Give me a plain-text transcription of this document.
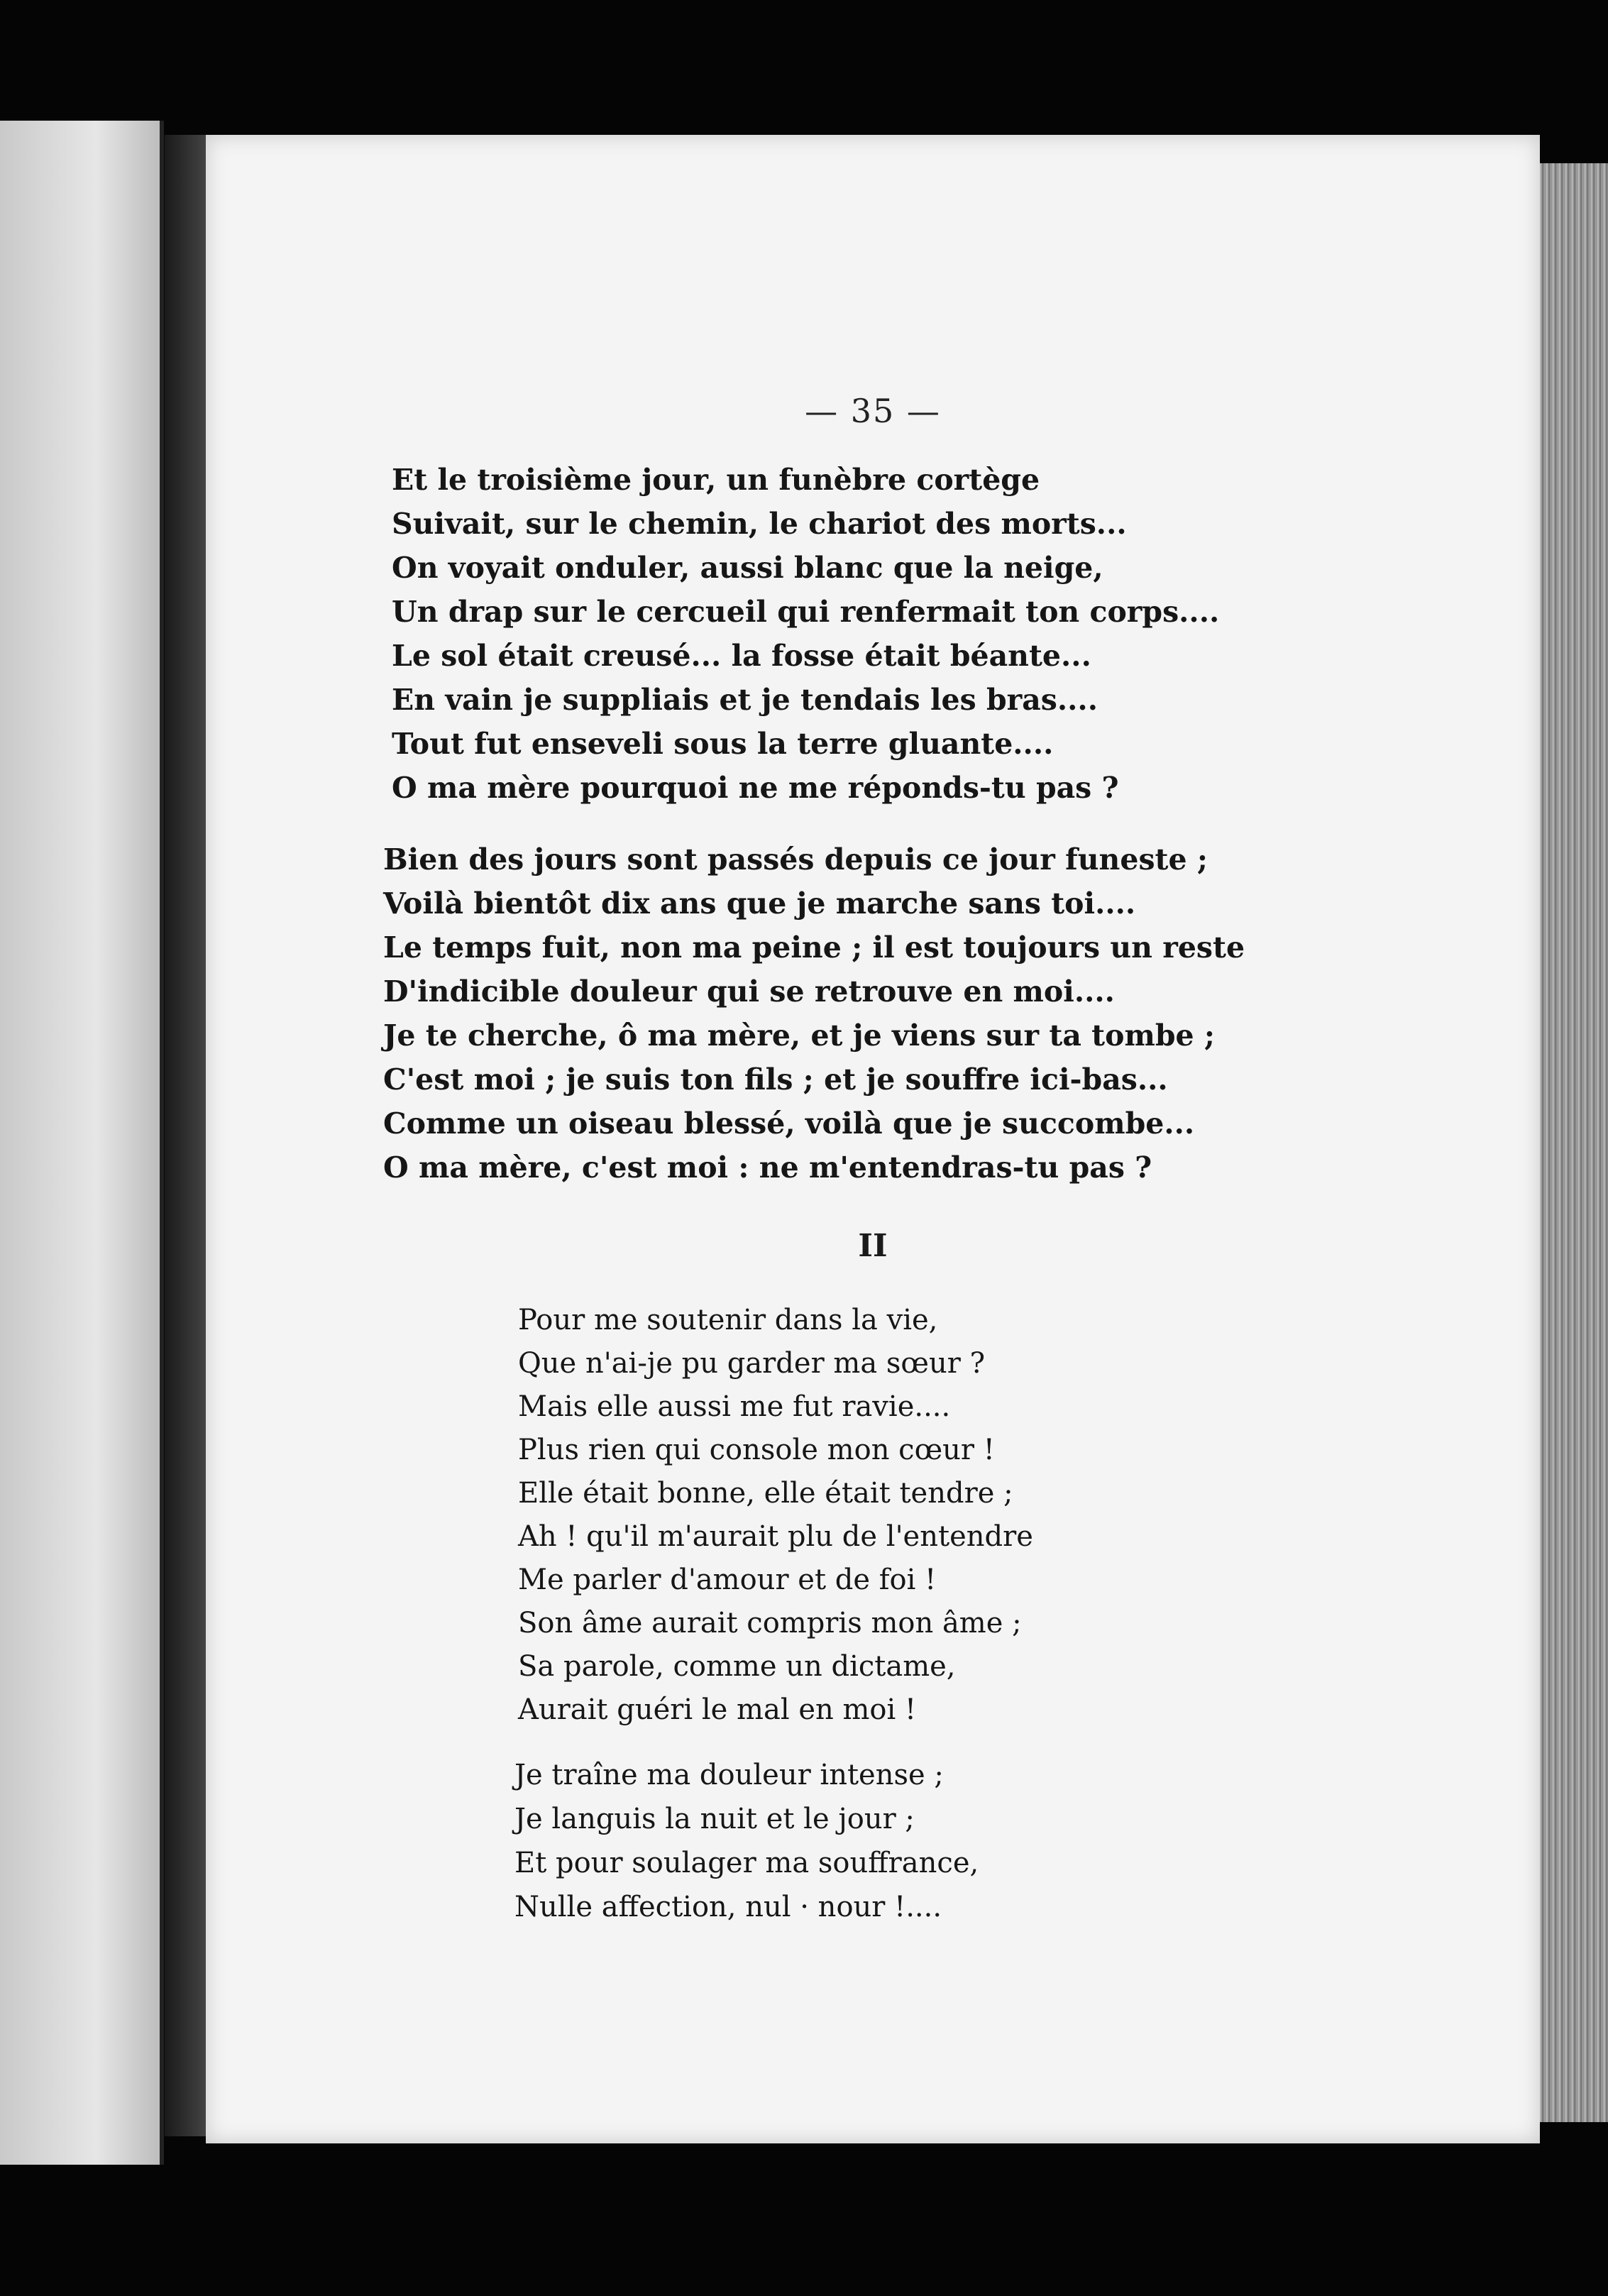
— 35 —

Et le troisième jour, un funèbre cortège
Suivait, sur le chemin, le chariot des morts...
On voyait onduler, aussi blanc que la neige,
Un drap sur le cercueil qui renfermait ton corps....
Le sol était creusé... la fosse était béante...
En vain je suppliais et je tendais les bras....
Tout fut enseveli sous la terre gluante....
O ma mère pourquoi ne me réponds-tu pas ?
Bien des jours sont passés depuis ce jour funeste ;
Voilà bientôt dix ans que je marche sans toi....
Le temps fuit, non ma peine ; il est toujours un reste
D'indicible douleur qui se retrouve en moi....
Je te cherche, ô ma mère, et je viens sur ta tombe ;
C'est moi ; je suis ton fils ; et je souffre ici-bas...
Comme un oiseau blessé, voilà que je succombe...
O ma mère, c'est moi : ne m'entendras-tu pas ?

II

Pour me soutenir dans la vie,
Que n'ai-je pu garder ma sœur ?
Mais elle aussi me fut ravie....
Plus rien qui console mon cœur !
Elle était bonne, elle était tendre ;
Ah ! qu'il m'aurait plu de l'entendre
Me parler d'amour et de foi !
Son âme aurait compris mon âme ;
Sa parole, comme un dictame,
Aurait guéri le mal en moi !
Je traîne ma douleur intense ;
Je languis la nuit et le jour ;
Et pour soulager ma souffrance,
Nulle affection, nul · nour !....
